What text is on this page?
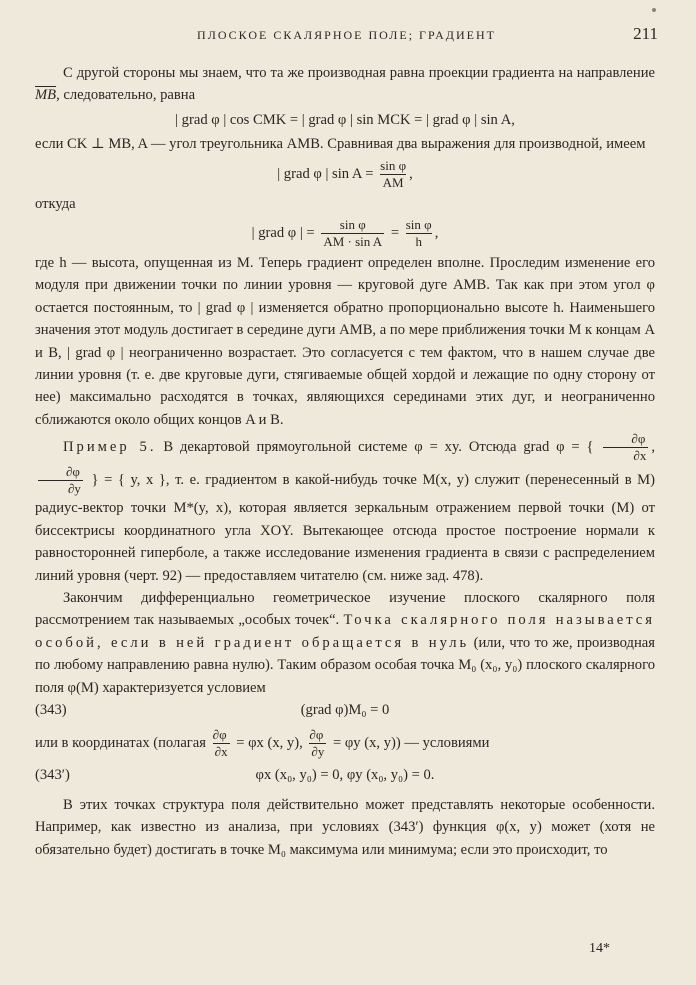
ПЛОСКОЕ СКАЛЯРНОЕ ПОЛЕ; ГРАДИЕНТ	211

С другой стороны мы знаем, что та же производная равна проекции градиента на направление $\overline{MB}$, следовательно, равна

| grad φ | cos CMK = | grad φ | sin MCK = | grad φ | sin A,

если CK ⊥ MB, A — угол треугольника AMB. Сравнивая два выражения для производной, имеем

| grad φ | $\sin A = \frac{\text{sin φ}}{AM}$ ,

откуда

| grad φ | = $\frac{\text{sin φ}}{\text{AM · sin A}} = \frac{\text{sin φ}}{h}$ ,

где h — высота, опущенная из M. Теперь градиент определен вполне. Проследим изменение его модуля при движении точки по линии уровня — круговой дуге AMB. Так как при этом угол φ остается постоянным, то | grad φ | изменяется обратно пропорционально высоте h. Наименьшего значения этот модуль достигает в середине дуги AMB, а по мере приближения точки M к концам A и B, | grad φ | неограниченно возрастает. Это согласуется с тем фактом, что в нашем случае две линии уровня (т. е. две круговые дуги, стягиваемые общей хордой и лежащие по одну сторону от нее) максимально расходятся в точках, являющихся серединами этих дуг, и неограниченно сближаются около общих концов A и B.

Пример 5. В декартовой прямоугольной системе φ = xy. Отсюда grad φ = { $\frac{\partial\varphi}{\partial x}$ ,
$\frac{\partial\varphi}{\partial y}$ } = { y, x }, т. е. градиентом в какой-нибудь точке M(x, y) служит (перенесенный в M) радиус-вектор точки M*(y, x), которая является зеркальным отражением первой точки (M) от биссектрисы координатного угла XOY. Вытекающее отсюда простое построение нормали к равносторонней гиперболе, а также исследование изменения градиента в связи с распределением линий уровня (черт. 92) — предоставляем читателю (см. ниже зад. 478).

Закончим дифференциально геометрическое изучение плоского скалярного поля рассмотрением так называемых „особых точек“. Точка скалярного поля называется особой, если в ней градиент обращается в нуль (или, что то же, производная по любому направлению равна нулю). Таким образом особая точка M₀ (x₀, y₀) плоского скалярного поля φ(M) характеризуется условием

(343)	(grad φ)M₀ = 0

или в координатах (полагая $\frac{\partial\varphi}{\partial x} = \varphi x$ (x, y), $\frac{\partial\varphi}{\partial y} = \varphi y$ (x, y)) — условиями

(343′)	φx (x₀, y₀) = 0, φy (x₀, y₀) = 0.

В этих точках структура поля действительно может представлять некоторые особенности. Например, как известно из анализа, при условиях (343′) функция φ(x, y) может (хотя не обязательно будет) достигать в точке M₀ максимума или минимума; если это происходит, то

14*
